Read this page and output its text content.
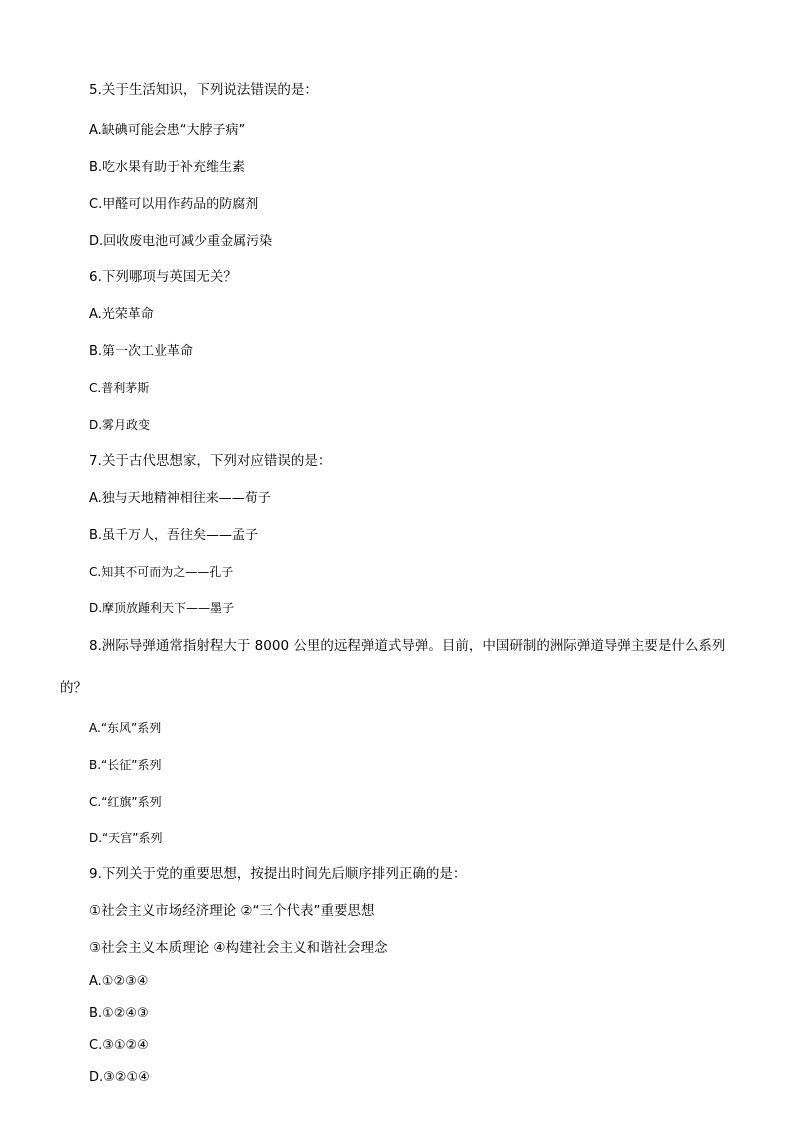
5.关于生活知识，下列说法错误的是：
A.缺碘可能会患“大脖子病”
B.吃水果有助于补充维生素
C.甲醛可以用作药品的防腐剂
D.回收废电池可减少重金属污染
6.下列哪项与英国无关？
A.光荣革命
B.第一次工业革命
C.普利茅斯
D.雾月政变
7.关于古代思想家，下列对应错误的是：
A.独与天地精神相往来——荀子
B.虽千万人，吾往矣——孟子
C.知其不可而为之——孔子
D.摩顶放踵利天下——墨子
8.洲际导弹通常指射程大于 8000 公里的远程弹道式导弹。目前，中国研制的洲际弹道导弹主要是什么系列
的？
A.“东风”系列
B.“长征”系列
C.“红旗”系列
D.“天宫”系列
9.下列关于党的重要思想，按提出时间先后顺序排列正确的是：
①社会主义市场经济理论 ②“三个代表”重要思想
③社会主义本质理论 ④构建社会主义和谐社会理念
A.①②③④
B.①②④③
C.③①②④
D.③②①④
